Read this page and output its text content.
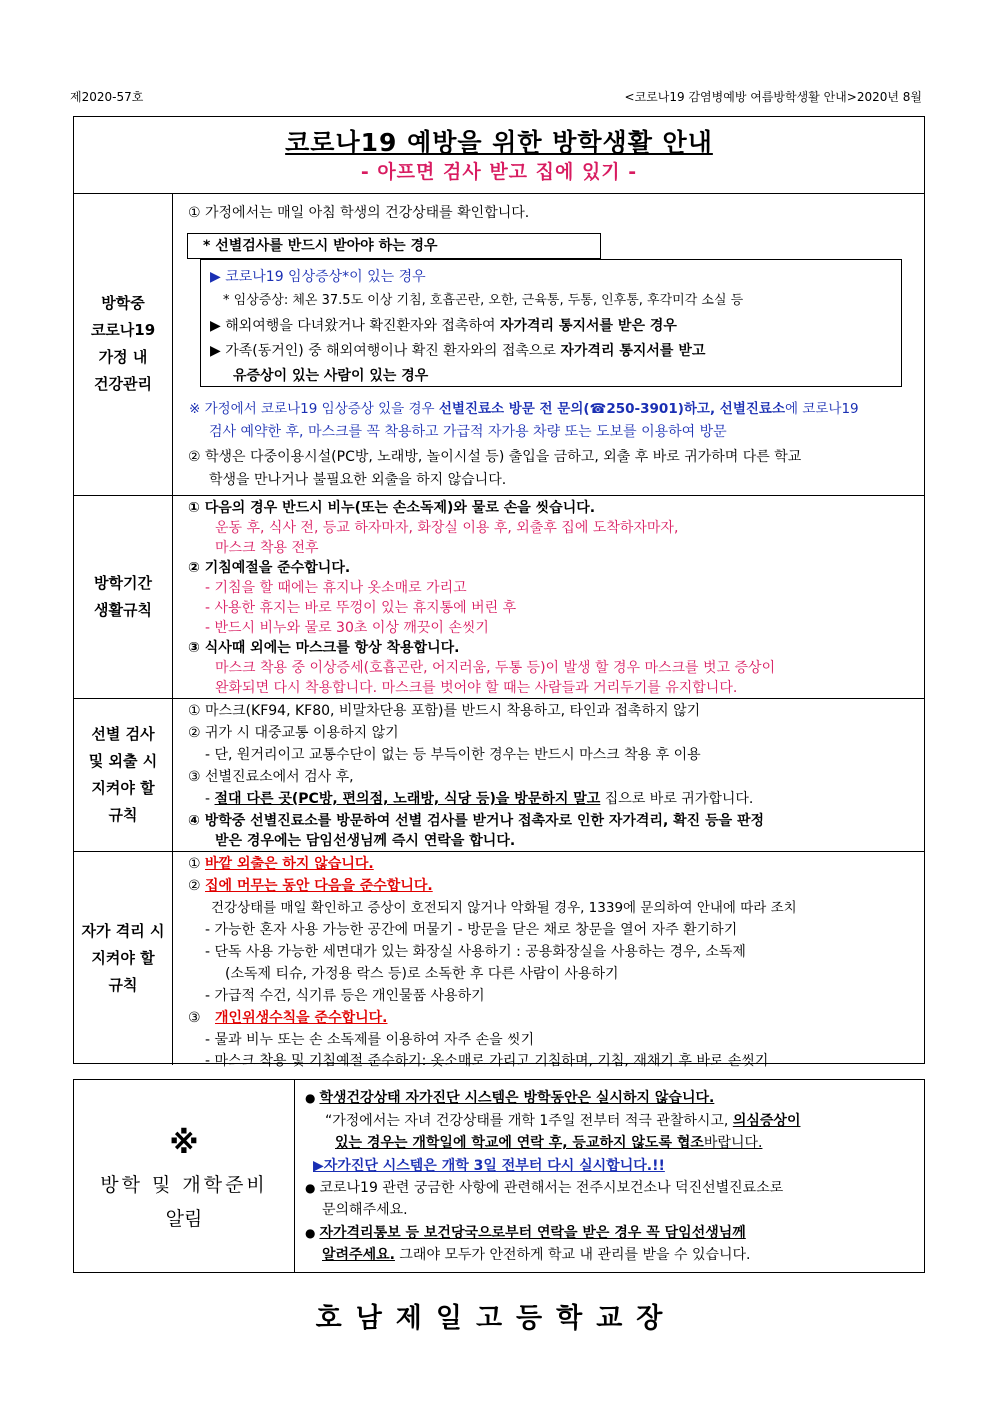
제2020-57호	<코로나19 감염병예방 여름방학생활 안내>2020년 8월
코로나19 예방을 위한 방학생활 안내
- 아프면 검사 받고 집에 있기 -
방학중
코로나19
가정 내
건강관리
① 가정에서는 매일 아침 학생의 건강상태를 확인합니다.
* 선별검사를 반드시 받아야 하는 경우
▶ 코로나19 임상증상*이 있는 경우
* 임상증상: 체온 37.5도 이상 기침, 호흡곤란, 오한, 근육통, 두통, 인후통, 후각미각 소실 등
▶ 해외여행을 다녀왔거나 확진환자와 접촉하여 자가격리 통지서를 받은 경우
▶ 가족(동거인) 중 해외여행이나 확진 환자와의 접촉으로 자가격리 통지서를 받고
유증상이 있는 사람이 있는 경우
※ 가정에서 코로나19 임상증상 있을 경우 선별진료소 방문 전 문의(☎250-3901)하고, 선별진료소에 코로나19
검사 예약한 후, 마스크를 꼭 착용하고 가급적 자가용 차량 또는 도보를 이용하여 방문
② 학생은 다중이용시설(PC방, 노래방, 놀이시설 등) 출입을 금하고, 외출 후 바로 귀가하며 다른 학교
학생을 만나거나 불필요한 외출을 하지 않습니다.
방학기간
생활규칙
① 다음의 경우 반드시 비누(또는 손소독제)와 물로 손을 씻습니다.
운동 후, 식사 전, 등교 하자마자, 화장실 이용 후, 외출후 집에 도착하자마자,
마스크 착용 전후
② 기침예절을 준수합니다.
- 기침을 할 때에는 휴지나 옷소매로 가리고
- 사용한 휴지는 바로 뚜껑이 있는 휴지통에 버린 후
- 반드시 비누와 물로 30초 이상 깨끗이 손씻기
③ 식사때 외에는 마스크를 항상 착용합니다.
마스크 착용 중 이상증세(호흡곤란, 어지러움, 두통 등)이 발생 할 경우 마스크를 벗고 증상이
완화되면 다시 착용합니다. 마스크를 벗어야 할 때는 사람들과 거리두기를 유지합니다.
선별 검사
및 외출 시
지켜야 할
규칙
① 마스크(KF94, KF80, 비말차단용 포함)를 반드시 착용하고, 타인과 접촉하지 않기
② 귀가 시 대중교통 이용하지 않기
- 단, 원거리이고 교통수단이 없는 등 부득이한 경우는 반드시 마스크 착용 후 이용
③ 선별진료소에서 검사 후,
- 절대 다른 곳(PC방, 편의점, 노래방, 식당 등)을 방문하지 말고 집으로 바로 귀가합니다.
④ 방학중 선별진료소를 방문하여 선별 검사를 받거나 접촉자로 인한 자가격리, 확진 등을 판정
받은 경우에는 담임선생님께 즉시 연락을 합니다.
자가 격리 시
지켜야 할
규칙
① 바깥 외출은 하지 않습니다.
② 집에 머무는 동안 다음을 준수합니다.
건강상태를 매일 확인하고 증상이 호전되지 않거나 악화될 경우, 1339에 문의하여 안내에 따라 조치
- 가능한 혼자 사용 가능한 공간에 머물기 - 방문을 닫은 채로 창문을 열어 자주 환기하기
- 단독 사용 가능한 세면대가 있는 화장실 사용하기 : 공용화장실을 사용하는 경우, 소독제
(소독제 티슈, 가정용 락스 등)로 소독한 후 다른 사람이 사용하기
- 가급적 수건, 식기류 등은 개인물품 사용하기
③ 개인위생수칙을 준수합니다.
- 물과 비누 또는 손 소독제를 이용하여 자주 손을 씻기
- 마스크 착용 및 기침예절 준수하기: 옷소매로 가리고 기침하며, 기침, 재채기 후 바로 손씻기
※
방학 및 개학준비
알림
● 학생건강상태 자가진단 시스템은 방학동안은 실시하지 않습니다.
“가정에서는 자녀 건강상태를 개학 1주일 전부터 적극 관찰하시고, 의심증상이
있는 경우는 개학일에 학교에 연락 후, 등교하지 않도록 협조바랍니다.
▶자가진단 시스템은 개학 3일 전부터 다시 실시합니다.!!
● 코로나19 관련 궁금한 사항에 관련해서는 전주시보건소나 덕진선별진료소로
문의해주세요.
● 자가격리통보 등 보건당국으로부터 연락을 받은 경우 꼭 담임선생님께
알려주세요. 그래야 모두가 안전하게 학교 내 관리를 받을 수 있습니다.
호남제일고등학교장
